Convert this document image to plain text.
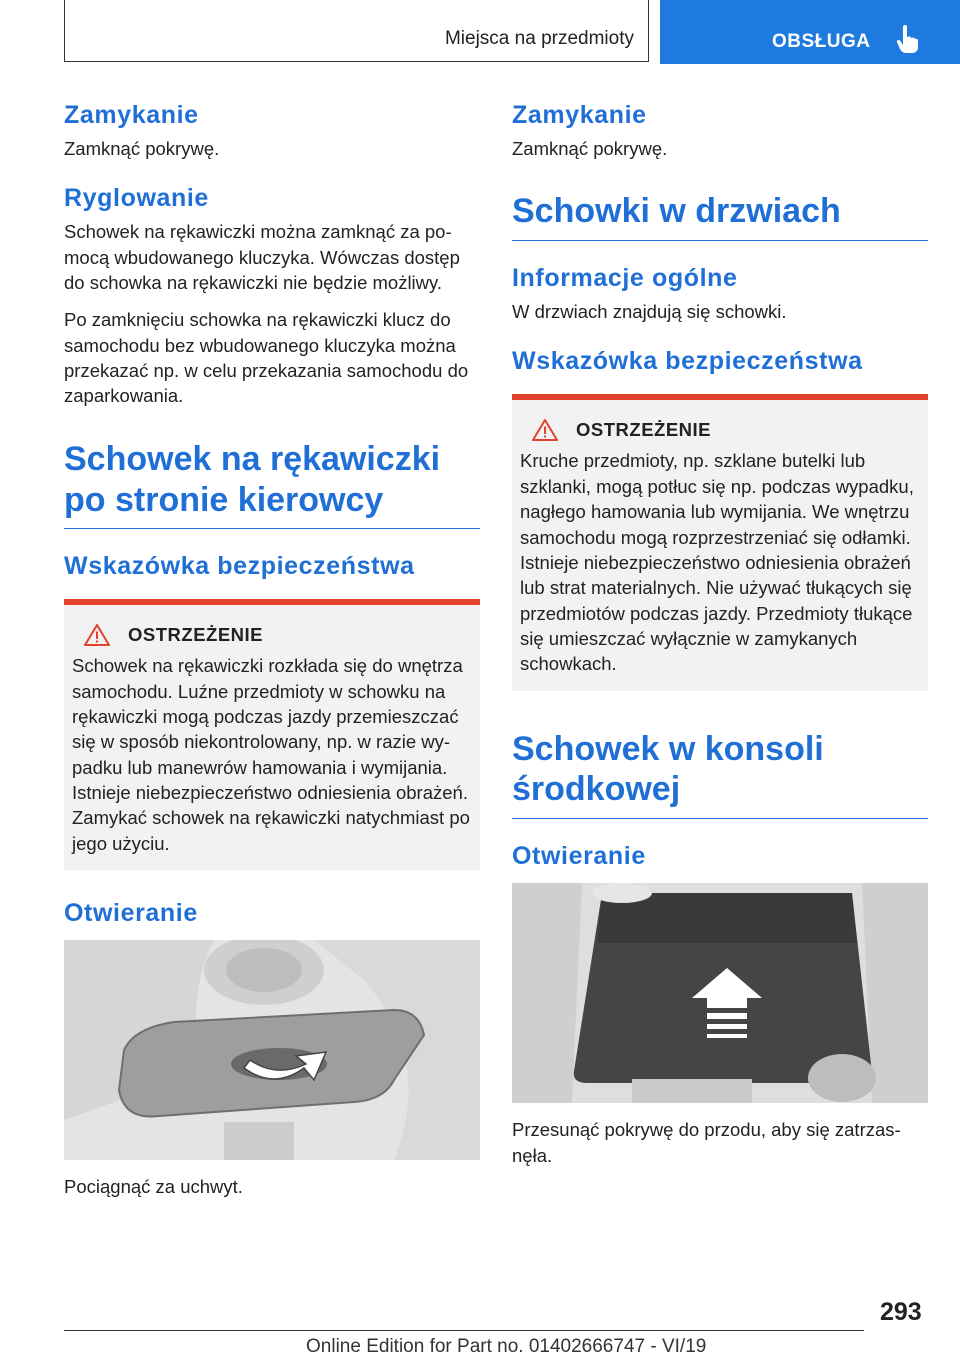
Miejsca na przedmioty	OBSŁUGA
Zamykanie

Zamknąć pokrywę.

Ryglowanie

Schowek na rękawiczki można zamknąć za pomocą wbudowanego kluczyka. Wówczas dostęp do schowka na rękawiczki nie będzie możliwy.

Po zamknięciu schowka na rękawiczki klucz do samochodu bez wbudowanego kluczyka można przekazać np. w celu przekazania samochodu do zaparkowania.

Schowek na rękawiczki po stronie kierowcy
Wskazówka bezpieczeństwa
OSTRZEŻENIE

Schowek na rękawiczki rozkłada się do wnętrza samochodu. Luźne przedmioty w schowku na rękawiczki mogą podczas jazdy przemieszczać się w sposób niekontrolowany, np. w razie wypadku lub manewrów hamowania i wymijania. Istnieje niebezpieczeństwo odniesienia obrażeń. Zamykać schowek na rękawiczki natychmiast po jego użyciu.

Otwieranie

Pociągnąć za uchwyt.

Zamykanie

Zamknąć pokrywę.

Schowki w drzwiach
Informacje ogólne

W drzwiach znajdują się schowki.

Wskazówka bezpieczeństwa
OSTRZEŻENIE

Kruche przedmioty, np. szklane butelki lub szklanki, mogą potłuc się np. podczas wypadku, nagłego hamowania lub wymijania. We wnętrzu samochodu mogą rozprzestrzeniać się odłamki. Istnieje niebezpieczeństwo odniesienia obrażeń lub strat materialnych. Nie używać tłukących się przedmiotów podczas jazdy. Przedmioty tłukące się umieszczać wyłącznie w zamykanych schowkach.

Schowek w konsoli środkowej
Otwieranie

Przesunąć pokrywę do przodu, aby się zatrzasnęła.

293
Online Edition for Part no. 01402666747 - VI/19
